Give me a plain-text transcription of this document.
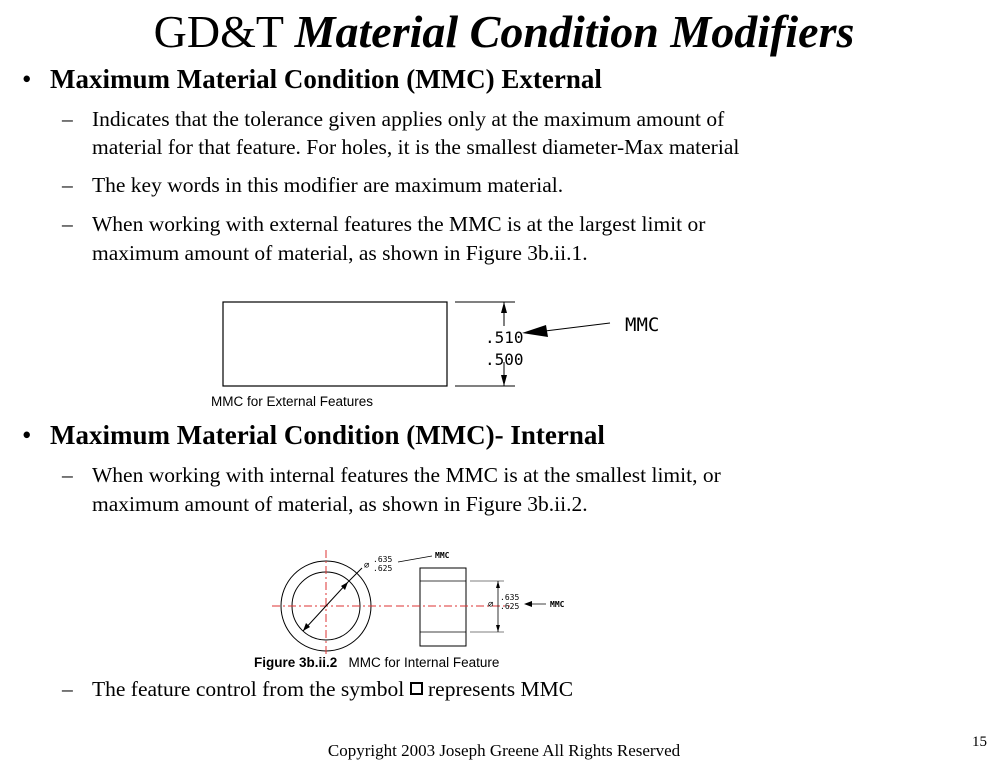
GD&T Material Condition Modifiers
• Maximum Material Condition (MMC) External
– Indicates that the tolerance given applies only at the maximum amount of
material for that feature. For holes, it is the smallest diameter-Max material
– The key words in this modifier are maximum material.
– When working with external features the MMC is at the largest limit or
maximum amount of material, as shown in Figure 3b.ii.1.
.510
.500
MMC
MMC for External Features
• Maximum Material Condition (MMC)- Internal
– When working with internal features the MMC is at the smallest limit, or
maximum amount of material, as shown in Figure 3b.ii.2.
⌀
.635
.625
MMC
⌀
.635
.625	MMC
Figure 3b.ii.2 MMC for Internal Feature
– The feature control from the symbol represents MMC
Copyright 2003 Joseph Greene All Rights Reserved	15
